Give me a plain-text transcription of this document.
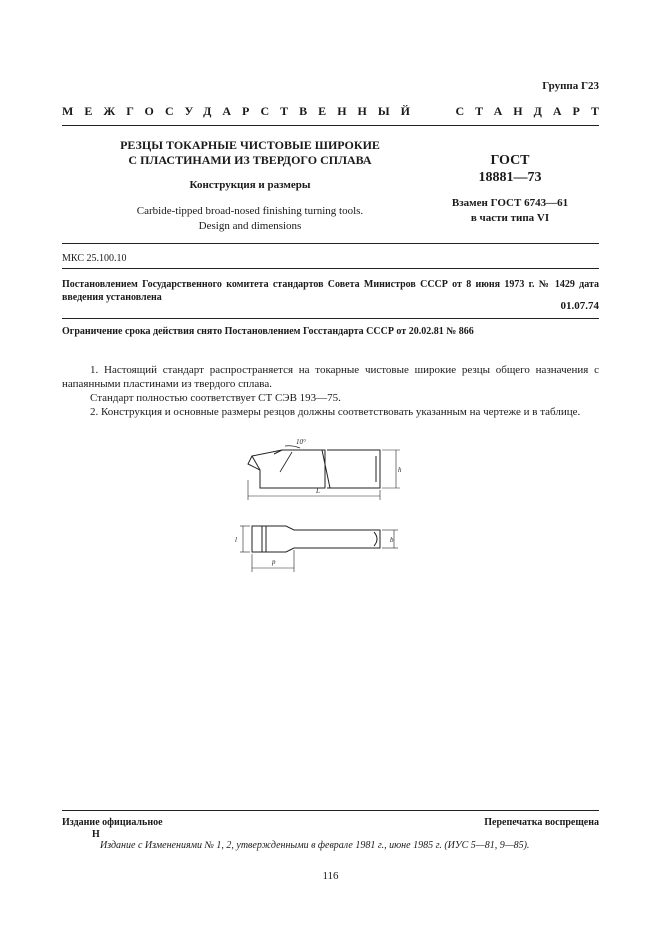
Группа Г23
МЕЖГОСУДАРСТВЕННЫЙ	СТАНДАРТ
РЕЗЦЫ ТОКАРНЫЕ ЧИСТОВЫЕ ШИРОКИЕ
С ПЛАСТИНАМИ ИЗ ТВЕРДОГО СПЛАВА
Конструкция и размеры
Carbide-tipped broad-nosed finishing turning tools.
Design and dimensions
ГОСТ
18881—73
Взамен ГОСТ 6743—61
в части типа VI
МКС 25.100.10
Постановлением Государственного комитета стандартов Совета Министров СССР от 8 июня 1973 г. № 1429 дата введения установлена
01.07.74
Ограничение срока действия снято Постановлением Госстандарта СССР от 20.02.81 № 866
1. Настоящий стандарт распространяется на токарные чистовые широкие резцы общего назначения с напаянными пластинами из твердого сплава.
Стандарт полностью соответствует СТ СЭВ 193—75.
2. Конструкция и основные размеры резцов должны соответствовать указанным на чертеже и в таблице.
10°
h
L
b
l
p
Издание официальное
Н
Перепечатка воспрещена
Издание с Изменениями № 1, 2, утвержденными в феврале 1981 г., июне 1985 г. (ИУС 5—81, 9—85).
116
